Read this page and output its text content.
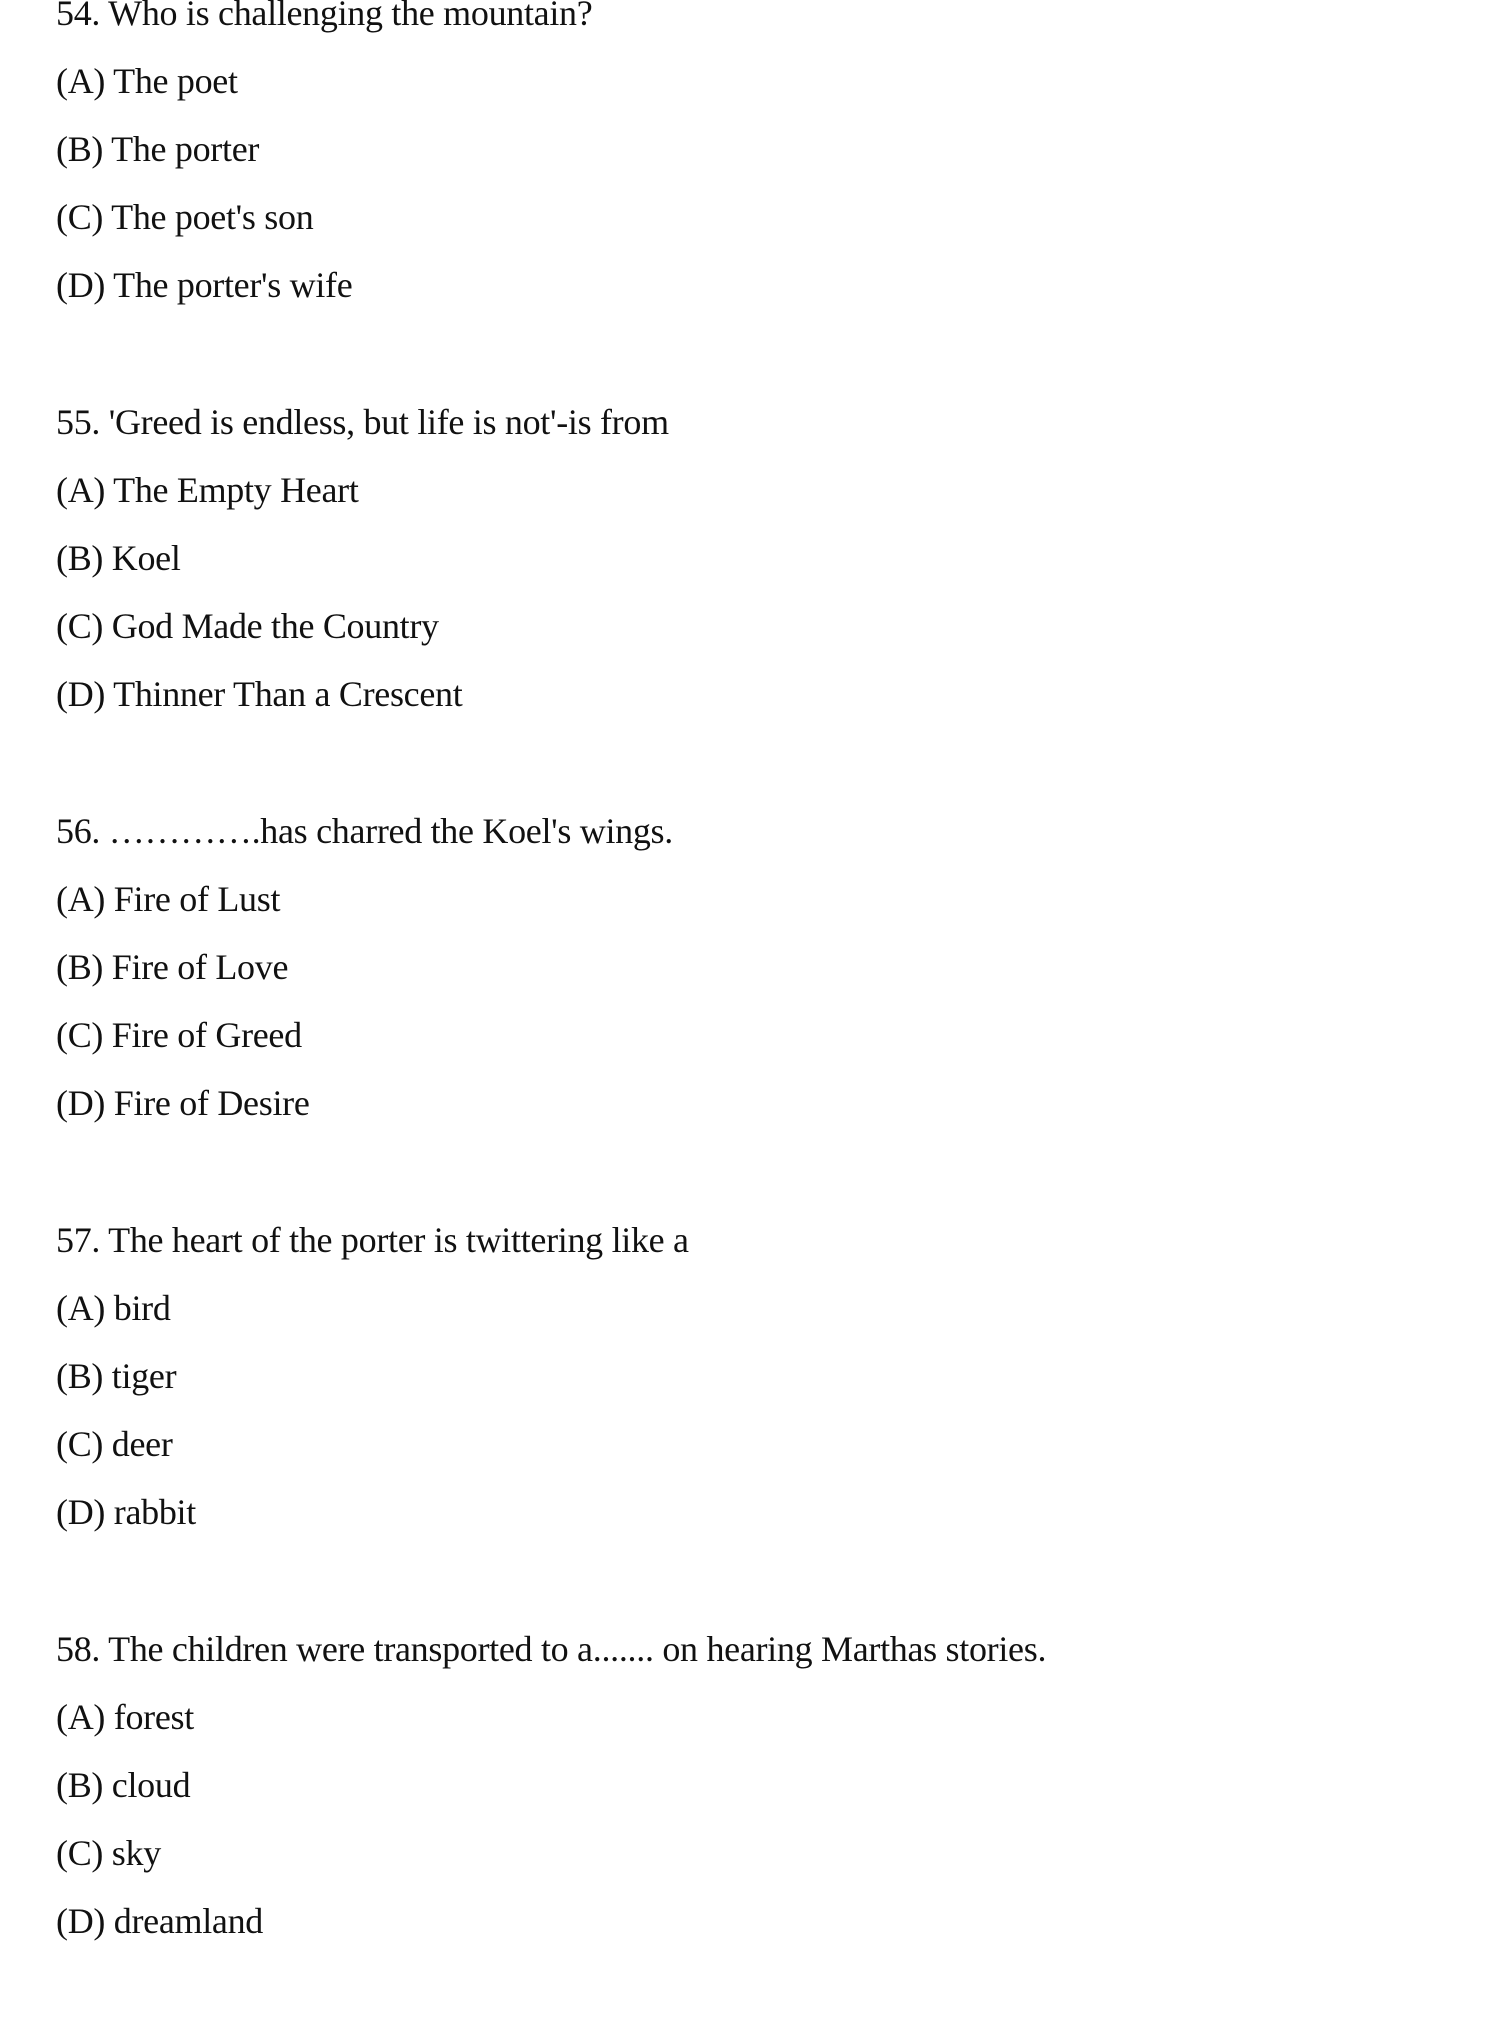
54. Who is challenging the mountain?
(A) The poet
(B) The porter
(C) The poet's son
(D) The porter's wife
55. 'Greed is endless, but life is not'-is from
(A) The Empty Heart
(B) Koel
(C) God Made the Country
(D) Thinner Than a Crescent
56. ………….has charred the Koel's wings.
(A) Fire of Lust
(B) Fire of Love
(C) Fire of Greed
(D) Fire of Desire
57. The heart of the porter is twittering like a
(A) bird
(B) tiger
(C) deer
(D) rabbit
58. The children were transported to a....... on hearing Marthas stories.
(A) forest
(B) cloud
(C) sky
(D) dreamland
